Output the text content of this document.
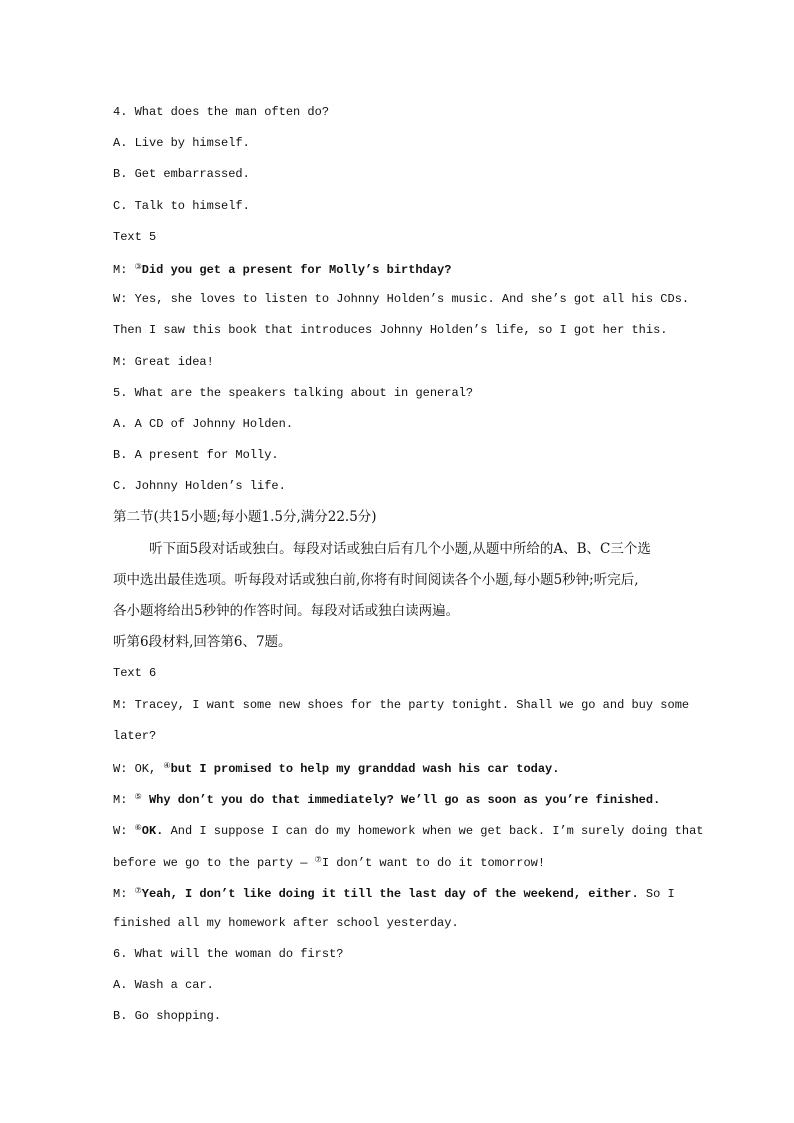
4. What does the man often do?
A. Live by himself.
B. Get embarrassed.
C. Talk to himself.
Text 5
M: ③Did you get a present for Molly’s birthday?
W: Yes, she loves to listen to Johnny Holden’s music. And she’s got all his CDs.
Then I saw this book that introduces Johnny Holden’s life, so I got her this.
M: Great idea!
5. What are the speakers talking about in general?
A. A CD of Johnny Holden.
B. A present for Molly.
C. Johnny Holden’s life.
第二节(共15小题;每小题1.5分,满分22.5分)
听下面5段对话或独白。每段对话或独白后有几个小题,从题中所给的A、B、C三个选
项中选出最佳选项。听每段对话或独白前,你将有时间阅读各个小题,每小题5秒钟;听完后,
各小题将给出5秒钟的作答时间。每段对话或独白读两遍。
听第6段材料,回答第6、7题。
Text 6
M: Tracey, I want some new shoes for the party tonight. Shall we go and buy some
later?
W: OK, ④but I promised to help my granddad wash his car today.
M: ⑤ Why don’t you do that immediately? We’ll go as soon as you’re finished.
W: ⑥OK. And I suppose I can do my homework when we get back. I’m surely doing that
before we go to the party — ⑦I don’t want to do it tomorrow!
M: ⑦Yeah, I don’t like doing it till the last day of the weekend, either. So I
finished all my homework after school yesterday.
6. What will the woman do first?
A. Wash a car.
B. Go shopping.
